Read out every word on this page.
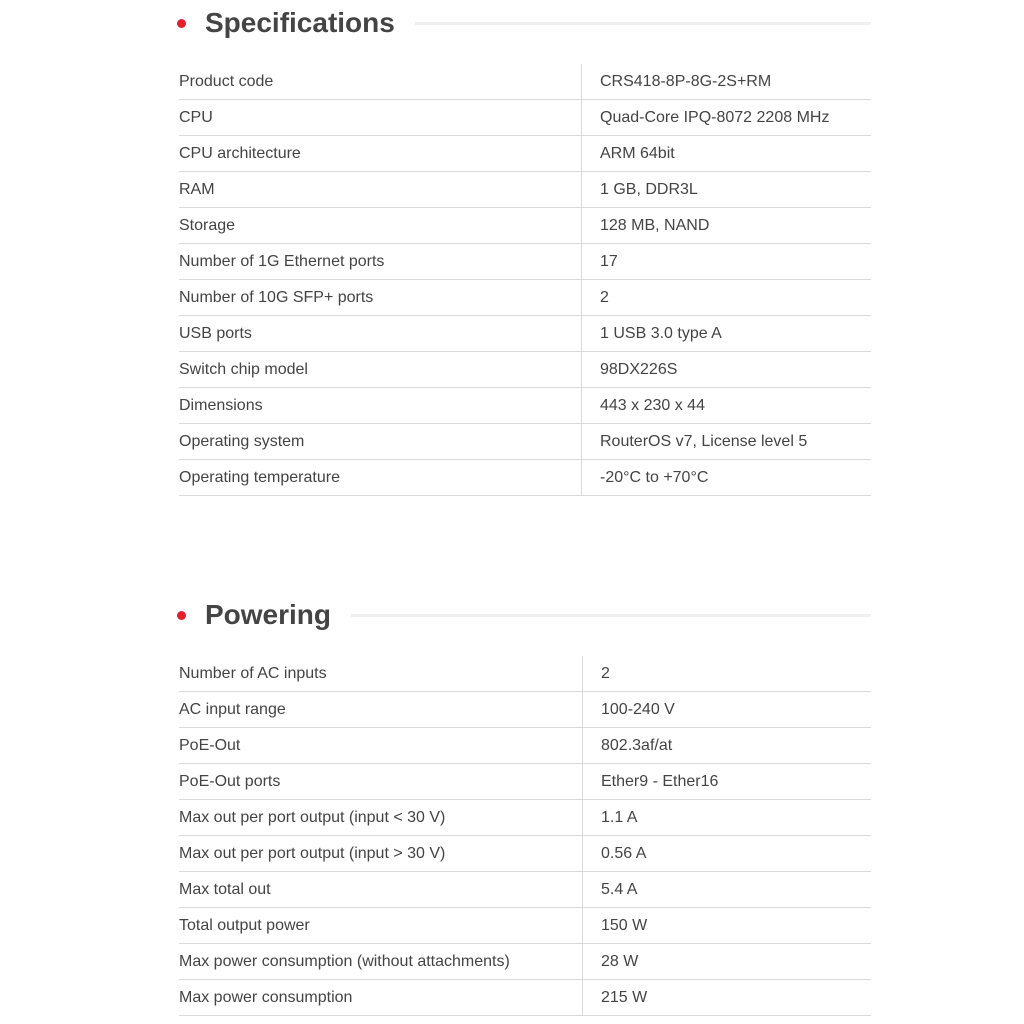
Specifications
Product code	CRS418-8P-8G-2S+RM
CPU	Quad-Core IPQ-8072 2208 MHz
CPU architecture	ARM 64bit
RAM	1 GB, DDR3L
Storage	128 MB, NAND
Number of 1G Ethernet ports	17
Number of 10G SFP+ ports	2
USB ports	1 USB 3.0 type A
Switch chip model	98DX226S
Dimensions	443 x 230 x 44
Operating system	RouterOS v7, License level 5
Operating temperature	-20°C to +70°C
Powering
Number of AC inputs	2
AC input range	100-240 V
PoE-Out	802.3af/at
PoE-Out ports	Ether9 - Ether16
Max out per port output (input < 30 V)	1.1 A
Max out per port output (input > 30 V)	0.56 A
Max total out	5.4 A
Total output power	150 W
Max power consumption (without attachments)	28 W
Max power consumption	215 W
